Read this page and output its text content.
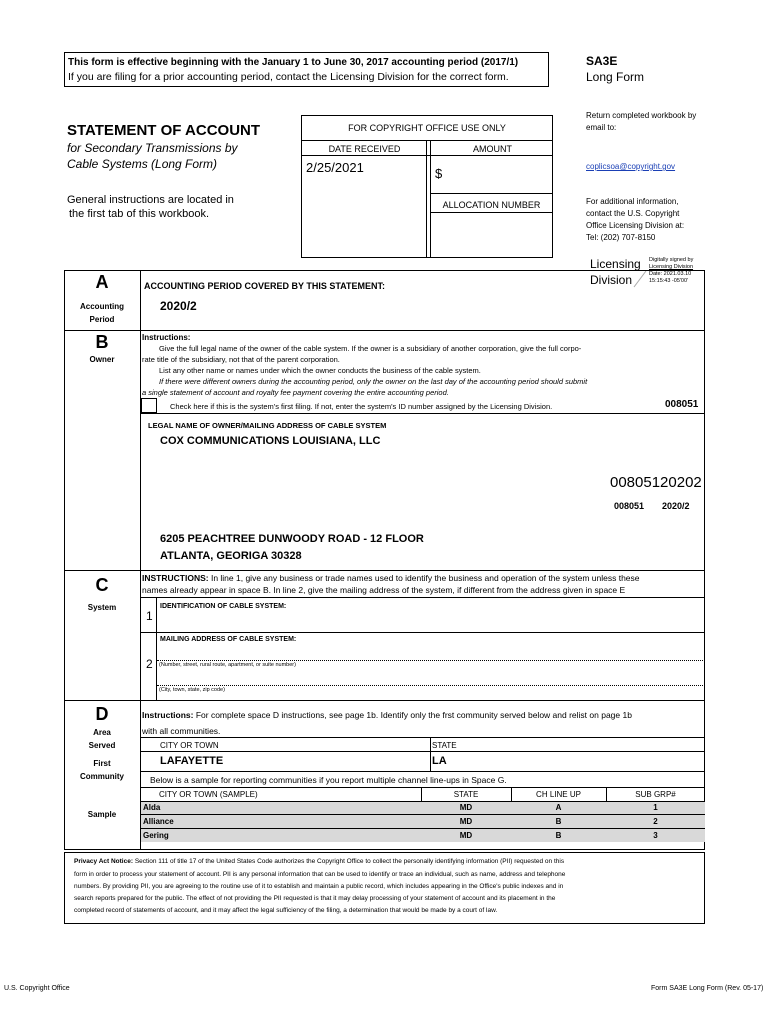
This form is effective beginning with the January 1 to June 30, 2017 accounting period (2017/1)
If you are filing for a prior accounting period, contact the Licensing Division for the correct form.
SA3E
Long Form
STATEMENT OF ACCOUNT
for Secondary Transmissions by
Cable Systems (Long Form)
General instructions are located in
the first tab of this workbook.
FOR COPYRIGHT OFFICE USE ONLY
DATE RECEIVED	AMOUNT
2/25/2021	$
ALLOCATION NUMBER
Return completed workbook by
email to:
coplicsoa@copyright.gov
For additional information,
contact the U.S. Copyright
Office Licensing Division at:
Tel: (202) 707-8150
Licensing
Division
Digitally signed by
Licensing Division
Date: 2021.03.10
15:15:43 -05'00'
A
Accounting
Period
ACCOUNTING PERIOD COVERED BY THIS STATEMENT:
2020/2
B
Owner
Instructions:
Give the full legal name of the owner of the cable system. If the owner is a subsidiary of another corporation, give the full corpo-
rate title of the subsidiary, not that of the parent corporation.
List any other name or names under which the owner conducts the business of the cable system.
If there were different owners during the accounting period, only the owner on the last day of the accounting period should submit
a single statement of account and royalty fee payment covering the entire accounting period.
Check here if this is the system's first filing. If not, enter the system's ID number assigned by the Licensing Division.	008051
LEGAL NAME OF OWNER/MAILING ADDRESS OF CABLE SYSTEM
COX COMMUNICATIONS LOUISIANA, LLC
00805120202
008051 2020/2
6205 PEACHTREE DUNWOODY ROAD - 12 FLOOR
ATLANTA, GEORIGA 30328
C
System
INSTRUCTIONS: In line 1, give any business or trade names used to identify the business and operation of the system unless these
names already appear in space B. In line 2, give the mailing address of the system, if different from the address given in space E
1
IDENTIFICATION OF CABLE SYSTEM:
MAILING ADDRESS OF CABLE SYSTEM:
2 (Number, street, rural route, apartment, or suite number)
(City, town, state, zip code)
D
Area
Served
First
Community
Sample
Instructions: For complete space D instructions, see page 1b. Identify only the frst community served below and relist on page 1b
with all communities.
CITY OR TOWN	STATE
LAFAYETTE	LA
Below is a sample for reporting communities if you report multiple channel line-ups in Space G.
CITY OR TOWN (SAMPLE)	STATE	CH LINE UP	SUB GRP#
Alda	MD	A	1
Alliance	MD	B	2
Gering	MD	B	3
Privacy Act Notice: Section 111 of title 17 of the United States Code authorizes the Copyright Office to collect the personally identifying information (PII) requested on this
form in order to process your statement of account. PII is any personal information that can be used to identify or trace an individual, such as name, address and telephone
numbers. By providing PII, you are agreeing to the routine use of it to establish and maintain a public record, which includes appearing in the Office's public indexes and in
search reports prepared for the public. The effect of not providing the PII requested is that it may delay processing of your statement of account and its placement in the
completed record of statements of account, and it may affect the legal sufficiency of the filing, a determination that would be made by a court of law.
U.S. Copyright Office	Form SA3E Long Form (Rev. 05-17)
